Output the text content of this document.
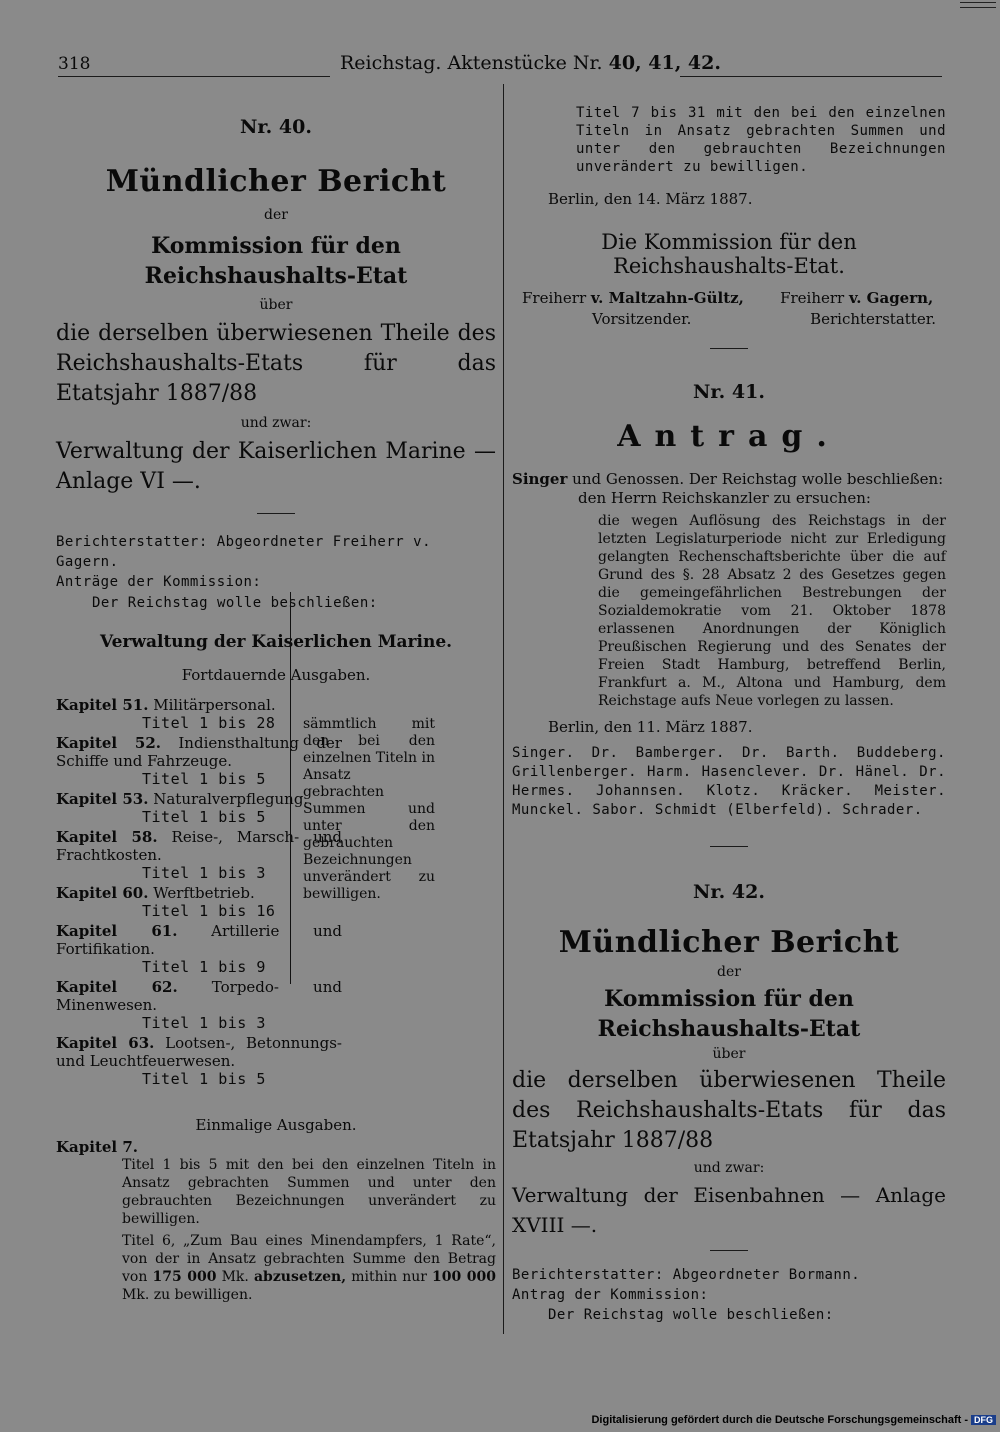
318	Reichstag. Aktenstücke Nr. 40, 41, 42.
Nr. 40.
Mündlicher Bericht
der
Kommission für den Reichshaushalts-Etat
über
die derselben überwiesenen Theile des Reichshaushalts-Etats für das Etatsjahr 1887/88
und zwar:
Verwaltung der Kaiserlichen Marine — Anlage VI —.
Berichterstatter: Abgeordneter Freiherr v. Gagern.
Anträge der Kommission:
Der Reichstag wolle beschließen:
Verwaltung der Kaiserlichen Marine.
Fortdauernde Ausgaben.
Kapitel 51. Militärpersonal.
Titel 1 bis 28
Kapitel 52. Indiensthaltung der Schiffe und Fahrzeuge.
Titel 1 bis 5
Kapitel 53. Naturalverpflegung.
Titel 1 bis 5
Kapitel 58. Reise-, Marsch- und Frachtkosten.
Titel 1 bis 3
Kapitel 60. Werftbetrieb.
Titel 1 bis 16
Kapitel 61. Artillerie und Fortifikation.
Titel 1 bis 9
Kapitel 62. Torpedo- und Minenwesen.
Titel 1 bis 3
Kapitel 63. Lootsen-, Betonnungs- und Leuchtfeuerwesen.
Titel 1 bis 5
Einmalige Ausgaben.
Kapitel 7.
Titel 1 bis 5 mit den bei den einzelnen Titeln in Ansatz gebrachten Summen und unter den gebrauchten Bezeichnungen unverändert zu bewilligen.
Titel 6, „Zum Bau eines Minendampfers, 1 Rate“, von der in Ansatz gebrachten Summe den Betrag von 175 000 Mk. abzusetzen, mithin nur 100 000 Mk. zu bewilligen.
sämmtlich mit den bei den einzelnen Titeln in Ansatz gebrachten Summen und unter den gebrauchten Bezeichnungen unverändert zu bewilligen.
Titel 7 bis 31 mit den bei den einzelnen Titeln in Ansatz gebrachten Summen und unter den gebrauchten Bezeichnungen unverändert zu bewilligen.
Berlin, den 14. März 1887.
Die Kommission für den Reichshaushalts-Etat.
Freiherr v. Maltzahn-Gültz,
Vorsitzender.
Freiherr v. Gagern,
Berichterstatter.
Nr. 41.
Antrag.
Singer und Genossen. Der Reichstag wolle beschließen:
den Herrn Reichskanzler zu ersuchen:
die wegen Auflösung des Reichstags in der letzten Legislaturperiode nicht zur Erledigung gelangten Rechenschaftsberichte über die auf Grund des §. 28 Absatz 2 des Gesetzes gegen die gemeingefährlichen Bestrebungen der Sozialdemokratie vom 21. Oktober 1878 erlassenen Anordnungen der Königlich Preußischen Regierung und des Senates der Freien Stadt Hamburg, betreffend Berlin, Frankfurt a. M., Altona und Hamburg, dem Reichstage aufs Neue vorlegen zu lassen.
Berlin, den 11. März 1887.
Singer. Dr. Bamberger. Dr. Barth. Buddeberg. Grillenberger. Harm. Hasenclever. Dr. Hänel. Dr. Hermes. Johannsen. Klotz. Kräcker. Meister. Munckel. Sabor. Schmidt (Elberfeld). Schrader.
Nr. 42.
Mündlicher Bericht
der
Kommission für den Reichshaushalts-Etat
über
die derselben überwiesenen Theile des Reichshaushalts-Etats für das Etatsjahr 1887/88
und zwar:
Verwaltung der Eisenbahnen — Anlage XVIII —.
Berichterstatter: Abgeordneter Bormann.
Antrag der Kommission:
Der Reichstag wolle beschließen:
Digitalisierung gefördert durch die Deutsche Forschungsgemeinschaft - DFG
